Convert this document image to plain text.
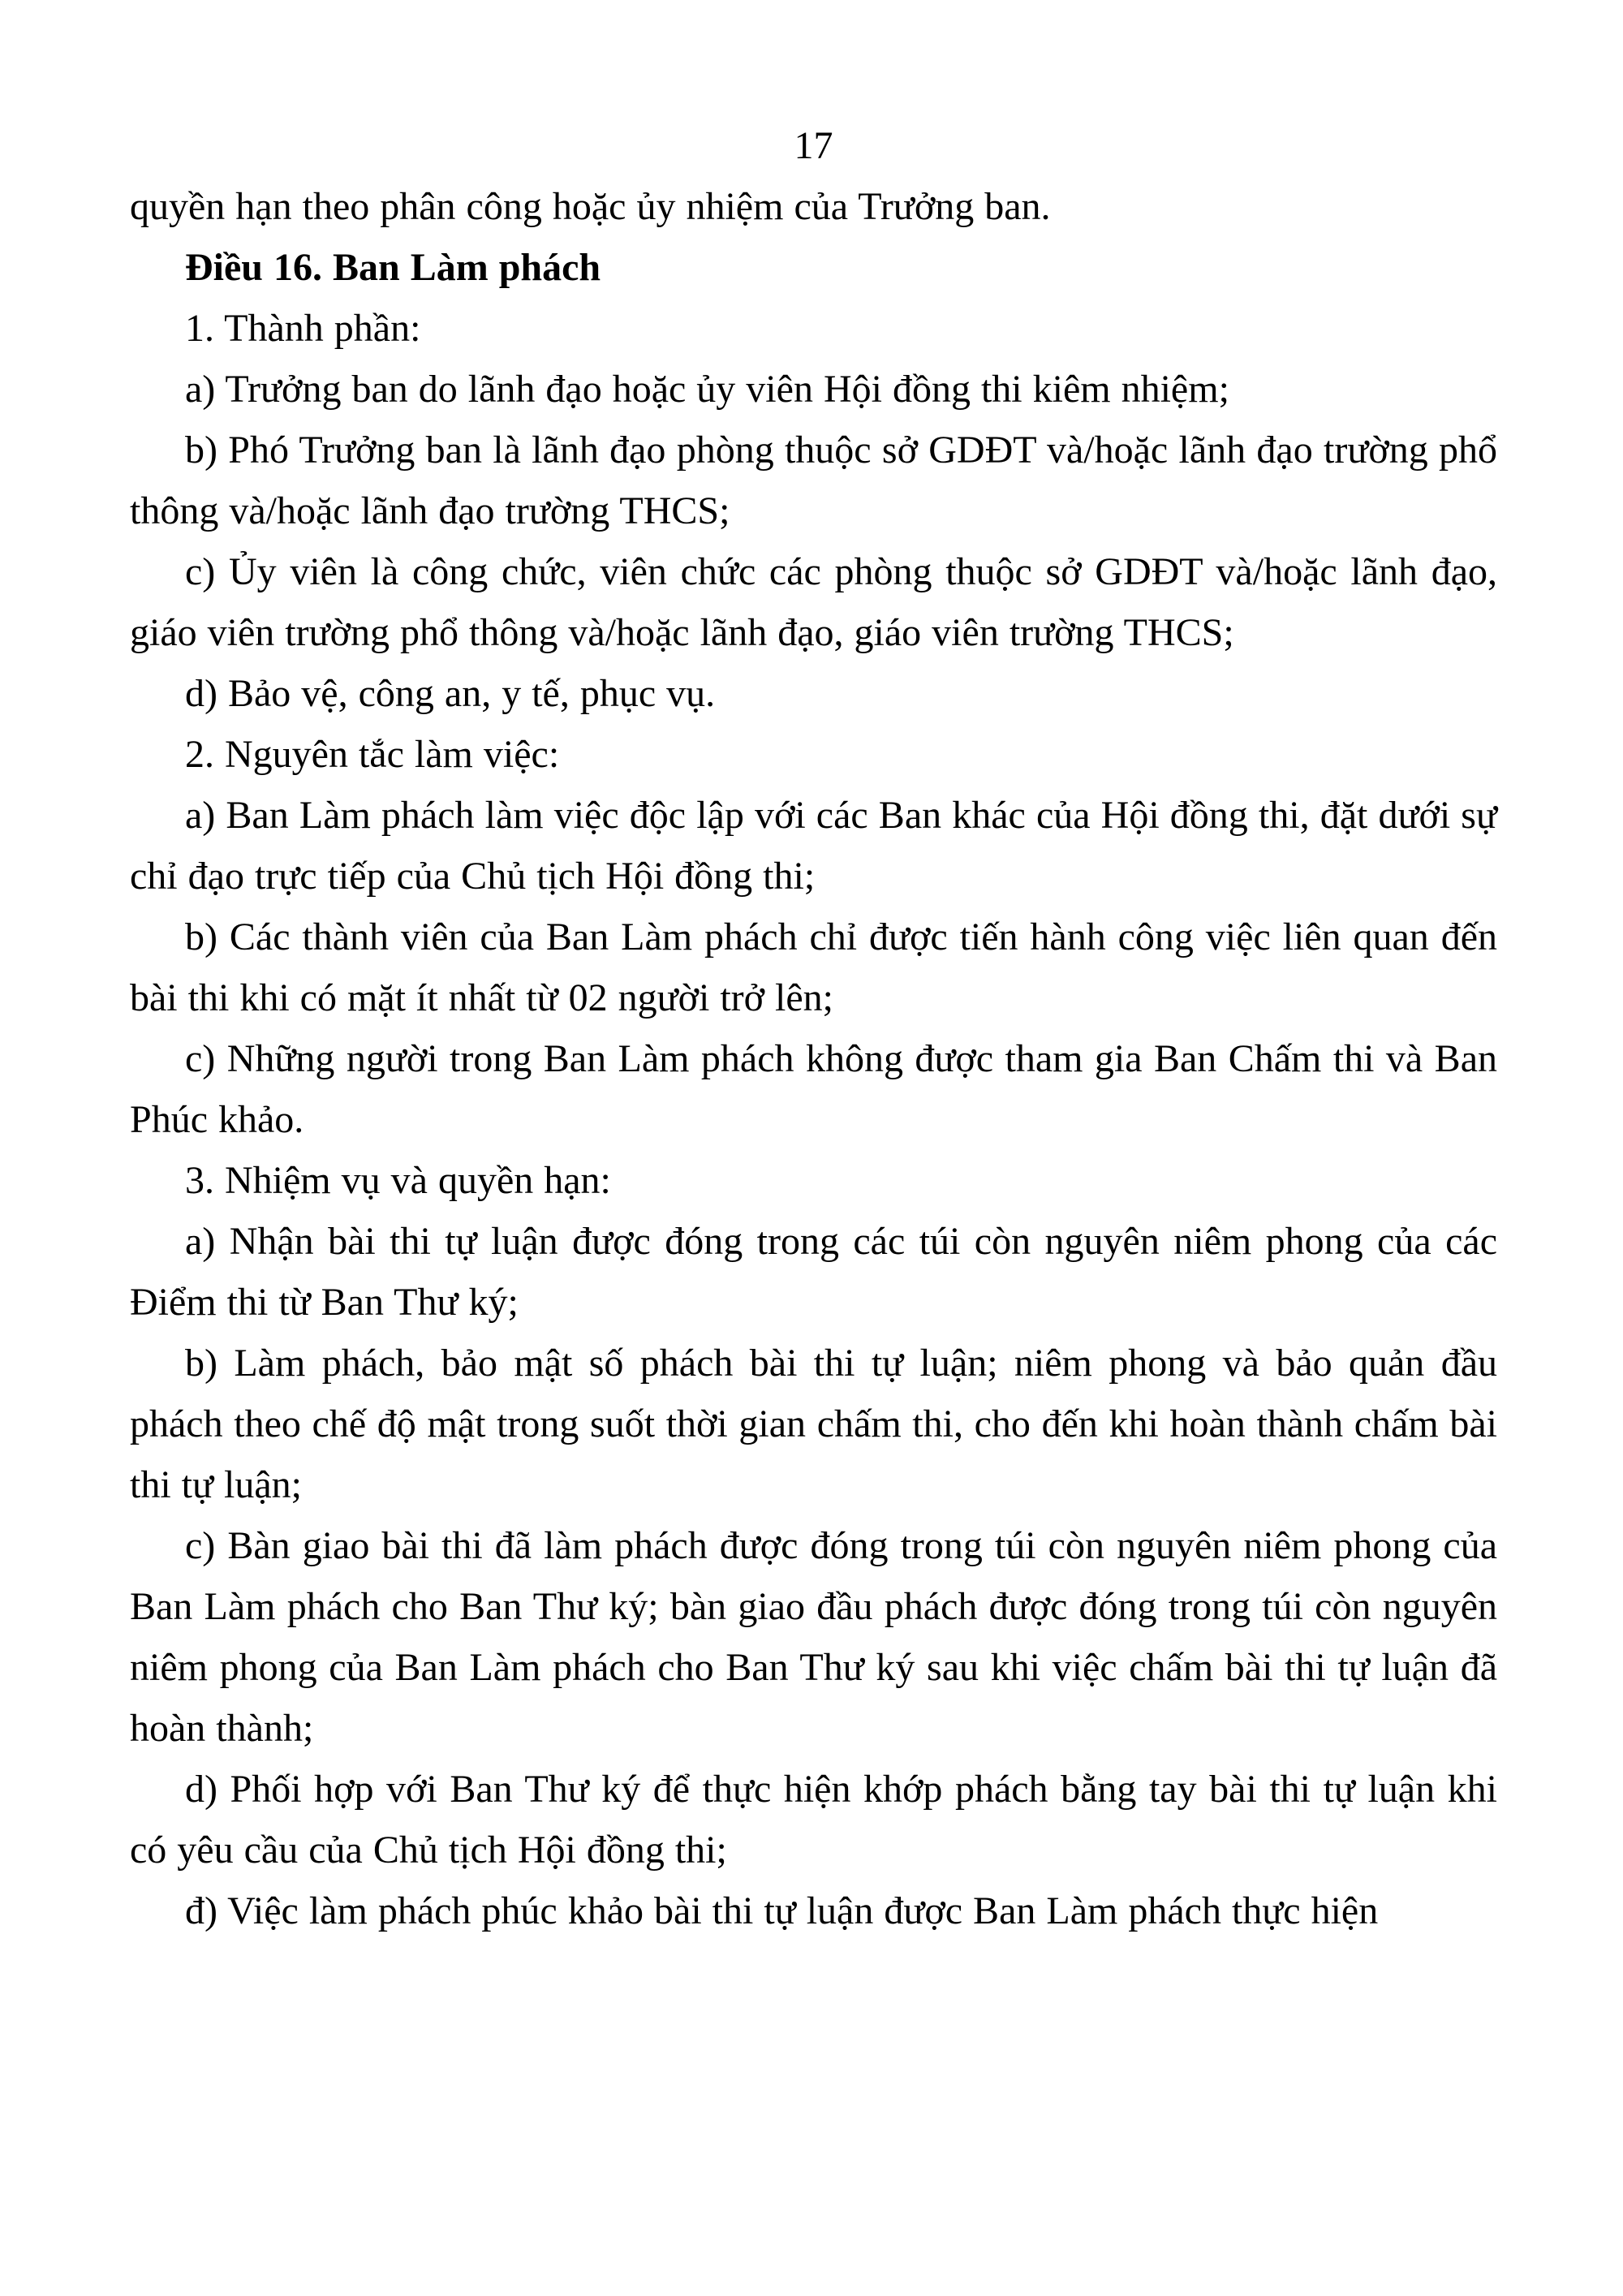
17

quyền hạn theo phân công hoặc ủy nhiệm của Trưởng ban.

Điều 16. Ban Làm phách

1. Thành phần:

a) Trưởng ban do lãnh đạo hoặc ủy viên Hội đồng thi kiêm nhiệm;

b) Phó Trưởng ban là lãnh đạo phòng thuộc sở GDĐT và/hoặc lãnh đạo trường phổ thông và/hoặc lãnh đạo trường THCS;

c) Ủy viên là công chức, viên chức các phòng thuộc sở GDĐT và/hoặc lãnh đạo, giáo viên trường phổ thông và/hoặc lãnh đạo, giáo viên trường THCS;

d) Bảo vệ, công an, y tế, phục vụ.

2. Nguyên tắc làm việc:

a) Ban Làm phách làm việc độc lập với các Ban khác của Hội đồng thi, đặt dưới sự chỉ đạo trực tiếp của Chủ tịch Hội đồng thi;

b) Các thành viên của Ban Làm phách chỉ được tiến hành công việc liên quan đến bài thi khi có mặt ít nhất từ 02 người trở lên;

c) Những người trong Ban Làm phách không được tham gia Ban Chấm thi và Ban Phúc khảo.

3. Nhiệm vụ và quyền hạn:

a) Nhận bài thi tự luận được đóng trong các túi còn nguyên niêm phong của các Điểm thi từ Ban Thư ký;

b) Làm phách, bảo mật số phách bài thi tự luận; niêm phong và bảo quản đầu phách theo chế độ mật trong suốt thời gian chấm thi, cho đến khi hoàn thành chấm bài thi tự luận;

c) Bàn giao bài thi đã làm phách được đóng trong túi còn nguyên niêm phong của Ban Làm phách cho Ban Thư ký; bàn giao đầu phách được đóng trong túi còn nguyên niêm phong của Ban Làm phách cho Ban Thư ký sau khi việc chấm bài thi tự luận đã hoàn thành;

d) Phối hợp với Ban Thư ký để thực hiện khớp phách bằng tay bài thi tự luận khi có yêu cầu của Chủ tịch Hội đồng thi;

đ) Việc làm phách phúc khảo bài thi tự luận được Ban Làm phách thực hiện
